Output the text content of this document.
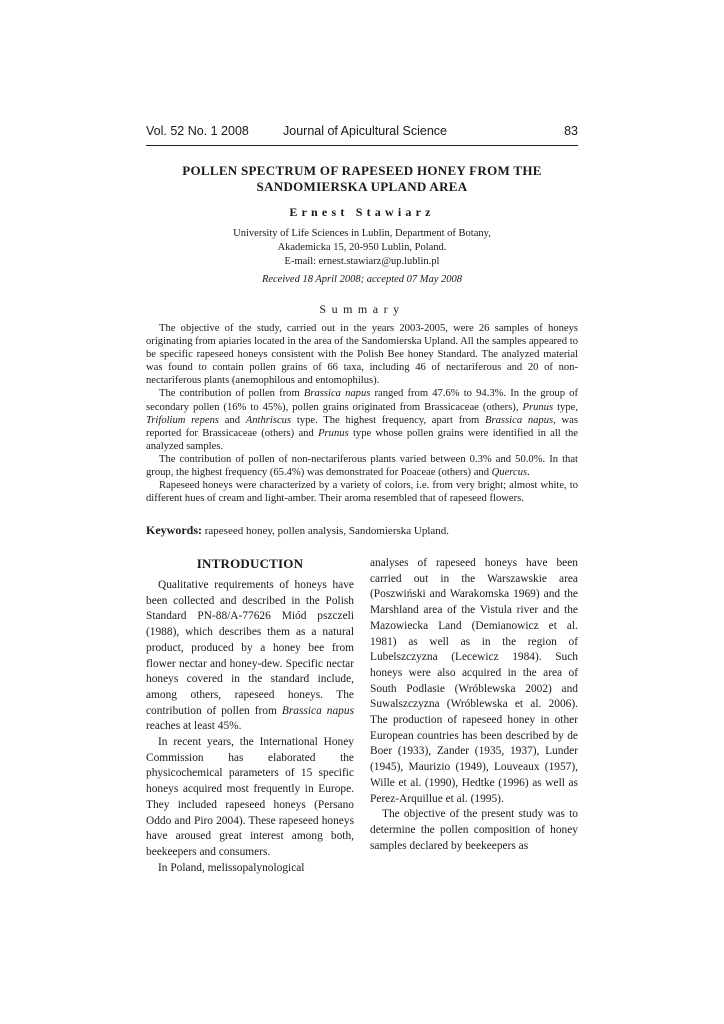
Vol. 52 No. 1 2008	Journal of Apicultural Science	83
POLLEN SPECTRUM OF RAPESEED HONEY FROM THE
SANDOMIERSKA UPLAND AREA
Ernest Stawiarz
University of Life Sciences in Lublin, Department of Botany,
Akademicka 15, 20-950 Lublin, Poland.
E-mail: ernest.stawiarz@up.lublin.pl
Received 18 April 2008; accepted 07 May 2008
Summary

The objective of the study, carried out in the years 2003-2005, were 26 samples of honeys originating from apiaries located in the area of the Sandomierska Upland. All the samples appeared to be specific rapeseed honeys consistent with the Polish Bee honey Standard. The analyzed material was found to contain pollen grains of 66 taxa, including 46 of nectariferous and 20 of non-nectariferous plants (anemophilous and entomophilus).

The contribution of pollen from Brassica napus ranged from 47.6% to 94.3%. In the group of secondary pollen (16% to 45%), pollen grains originated from Brassicaceae (others), Prunus type, Trifolium repens and Anthriscus type. The highest frequency, apart from Brassica napus, was reported for Brassicaceae (others) and Prunus type whose pollen grains were identified in all the analyzed samples.

The contribution of pollen of non-nectariferous plants varied between 0.3% and 50.0%. In that group, the highest frequency (65.4%) was demonstrated for Poaceae (others) and Quercus.

Rapeseed honeys were characterized by a variety of colors, i.e. from very bright; almost white, to different hues of cream and light-amber. Their aroma resembled that of rapeseed flowers.

Keywords: rapeseed honey, pollen analysis, Sandomierska Upland.
INTRODUCTION

Qualitative requirements of honeys have been collected and described in the Polish Standard PN-88/A-77626 Miód pszczeli (1988), which describes them as a natural product, produced by a honey bee from flower nectar and honey-dew. Specific nectar honeys covered in the standard include, among others, rapeseed honeys. The contribution of pollen from Brassica napus reaches at least 45%.

In recent years, the International Honey Commission has elaborated the physicochemical parameters of 15 specific honeys acquired most frequently in Europe. They included rapeseed honeys (Persano Oddo and Piro 2004). These rapeseed honeys have aroused great interest among both, beekeepers and consumers.

In Poland, melissopalynological

analyses of rapeseed honeys have been carried out in the Warszawskie area (Poszwiński and Warakomska 1969) and the Marshland area of the Vistula river and the Mazowiecka Land (Demianowicz et al. 1981) as well as in the region of Lubelszczyzna (Lecewicz 1984). Such honeys were also acquired in the area of South Podlasie (Wróblewska 2002) and Suwalszczyzna (Wróblewska et al. 2006). The production of rapeseed honey in other European countries has been described by de Boer (1933), Zander (1935, 1937), Lunder (1945), Maurizio (1949), Louveaux (1957), Wille et al. (1990), Hedtke (1996) as well as Perez-Arquillue et al. (1995).

The objective of the present study was to determine the pollen composition of honey samples declared by beekeepers as
